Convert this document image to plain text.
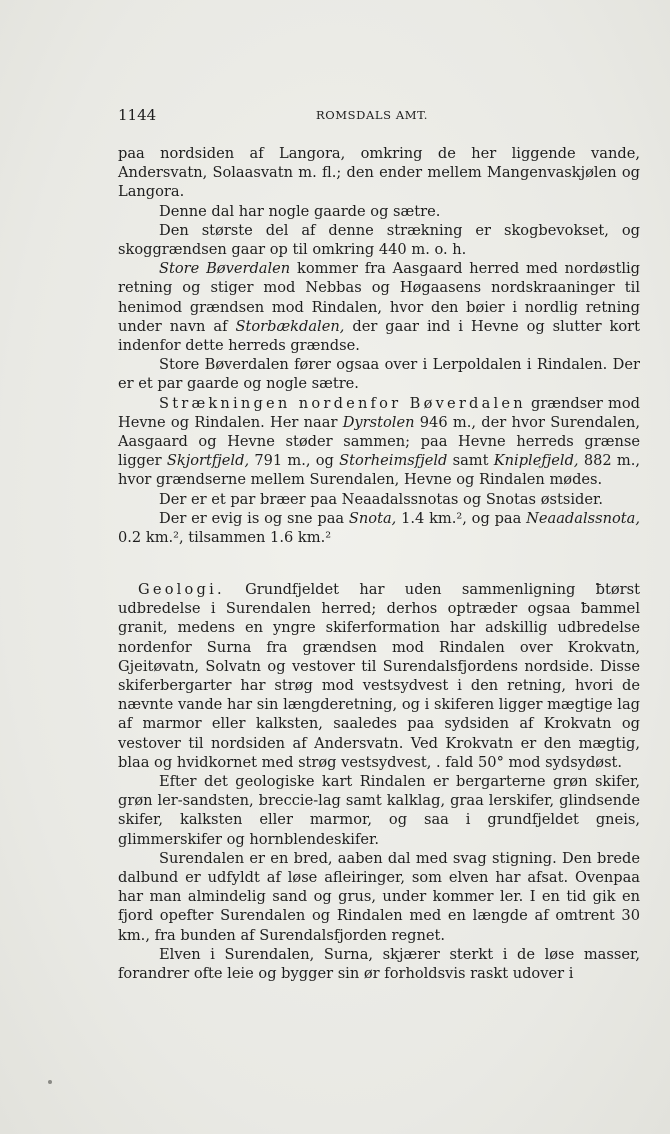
1144	ROMSDALS AMT.

paa nordsiden af Langora, omkring de her liggende vande, Andersvatn, Solaasvatn m. fl.; den ender mellem Mangenvaskjølen og Langora.

Denne dal har nogle gaarde og sætre.

Den største del af denne strækning er skogbevokset, og skoggrændsen gaar op til omkring 440 m. o. h.

Store Bøverdalen kommer fra Aasgaard herred med nordøstlig retning og stiger mod Nebbas og Høgaasens nordskraaninger til henimod grændsen mod Rindalen, hvor den bøier i nordlig retning under navn af Storbækdalen, der gaar ind i Hevne og slutter kort indenfor dette herreds grændse.

Store Bøverdalen fører ogsaa over i Lerpoldalen i Rindalen. Der er et par gaarde og nogle sætre.

Strækningen nordenfor Bøverdalen grændser mod Hevne og Rindalen. Her naar Dyrstolen 946 m., der hvor Surendalen, Aasgaard og Hevne støder sammen; paa Hevne herreds grænse ligger Skjortfjeld, 791 m., og Storheimsfjeld samt Knipleƒjeld, 882 m., hvor grændserne mellem Surendalen, Hevne og Rindalen mødes.

Der er et par bræer paa Neaadalssnotas og Snotas østsider.

Der er evig is og sne paa Snota, 1.4 km.², og paa Neaadalssnota, 0.2 km.², tilsammen 1.6 km.²

Geologi. Grundfjeldet har uden sammenligning ƀtørst udbredelse i Surendalen herred; derhos optræder ogsaa ƀammel granit, medens en yngre skiferformation har adskillig udbredelse nordenfor Surna fra grændsen mod Rindalen over Krokvatn, Gjeitøvatn, Solvatn og vestover til Surendalsfjordens nordside. Disse skiferbergarter har strøg mod vestsydvest i den retning, hvori de nævnte vande har sin længderetning, og i skiferen ligger mægtige lag af marmor eller kalksten, saaledes paa sydsiden af Krokvatn og vestover til nordsiden af Andersvatn. Ved Krokvatn er den mægtig, blaa og hvidkornet med strøg vestsydvest, . fald 50° mod sydsydøst.

Efter det geologiske kart Rindalen er bergarterne grøn skifer, grøn ler-sandsten, breccie-lag samt kalklag, graa lerskifer, glindsende skifer, kalksten eller marmor, og saa i grundfjeldet gneis, glimmerskifer og hornblendeskifer.

Surendalen er en bred, aaben dal med svag stigning. Den brede dalbund er udfyldt af løse afleiringer, som elven har afsat. Ovenpaa har man almindelig sand og grus, under kommer ler. I en tid gik en fjord opefter Surendalen og Rindalen med en længde af omtrent 30 km., fra bunden af Surendalsfjorden regnet.

Elven i Surendalen, Surna, skjærer sterkt i de løse masser, forandrer ofte leie og bygger sin ør forholdsvis raskt udover i
